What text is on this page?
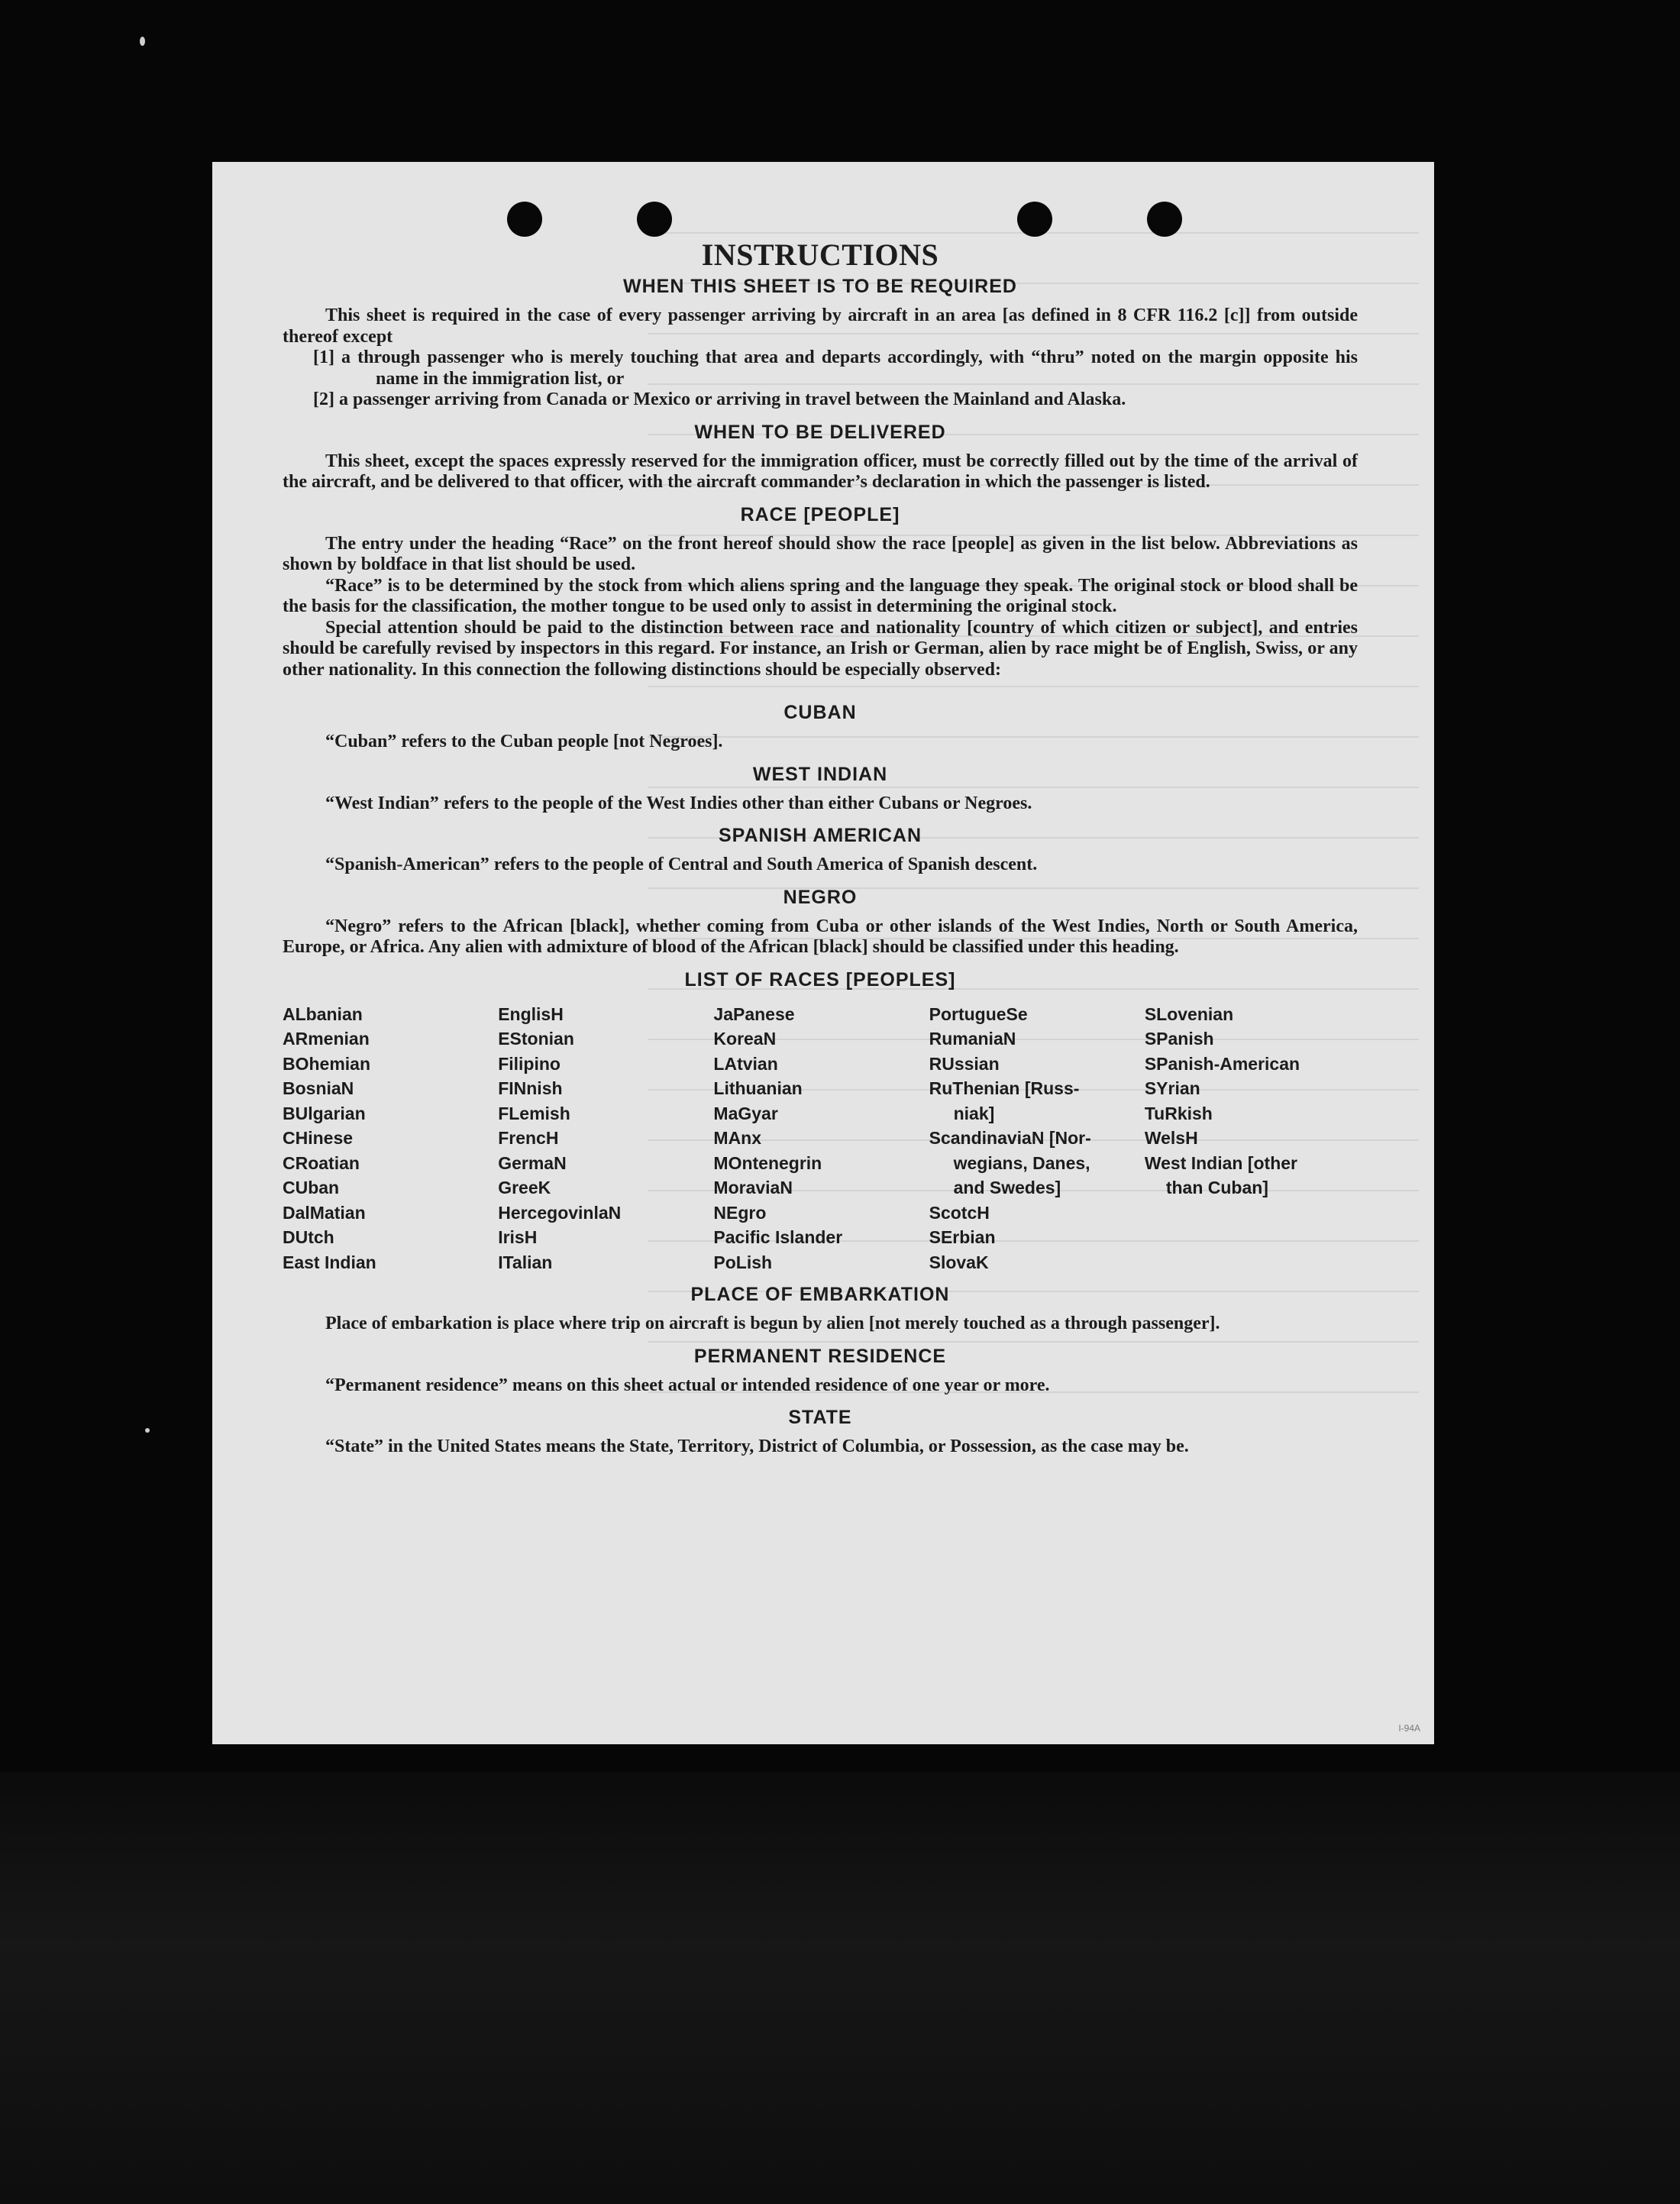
INSTRUCTIONS
WHEN THIS SHEET IS TO BE REQUIRED

This sheet is required in the case of every passenger arriving by aircraft in an area [as defined in 8 CFR 116.2 [c]] from outside thereof except

[1] a through passenger who is merely touching that area and departs accordingly, with “thru” noted on the margin opposite his name in the immigration list, or

[2] a passenger arriving from Canada or Mexico or arriving in travel between the Mainland and Alaska.

WHEN TO BE DELIVERED

This sheet, except the spaces expressly reserved for the immigration officer, must be correctly filled out by the time of the arrival of the aircraft, and be delivered to that officer, with the aircraft commander’s declaration in which the passenger is listed.

RACE [PEOPLE]

The entry under the heading “Race” on the front hereof should show the race [people] as given in the list below. Abbreviations as shown by boldface in that list should be used.

“Race” is to be determined by the stock from which aliens spring and the language they speak. The original stock or blood shall be the basis for the classification, the mother tongue to be used only to assist in determining the original stock.

Special attention should be paid to the distinction between race and nationality [country of which citizen or subject], and entries should be carefully revised by inspectors in this regard. For instance, an Irish or German, alien by race might be of English, Swiss, or any other nationality. In this connection the following distinctions should be especially observed:

CUBAN

“Cuban” refers to the Cuban people [not Negroes].

WEST INDIAN

“West Indian” refers to the people of the West Indies other than either Cubans or Negroes.

SPANISH AMERICAN

“Spanish-American” refers to the people of Central and South America of Spanish descent.

NEGRO

“Negro” refers to the African [black], whether coming from Cuba or other islands of the West Indies, North or South America, Europe, or Africa. Any alien with admixture of blood of the African [black] should be classified under this heading.

LIST OF RACES [PEOPLES]
ALbanian
ARmenian
BOhemian
BosniaN
BUlgarian
CHinese
CRoatian
CUban
DalMatian
DUtch
East Indian
EnglisH
EStonian
Filipino
FINnish
FLemish
FrencH
GermaN
GreeK
HercegovinlaN
IrisH
ITalian
JaPanese
KoreaN
LAtvian
Lithuanian
MaGyar
MAnx
MOntenegrin
MoraviaN
NEgro
Pacific Islander
PoLish
PortugueSe
RumaniaN
RUssian
RuThenian [Russ-
niak]
ScandinaviaN [Nor-
wegians, Danes,
and Swedes]
ScotcH
SErbian
SlovaK
SLovenian
SPanish
SPanish-American
SYrian
TuRkish
WelsH
West Indian [other
than Cuban]
PLACE OF EMBARKATION

Place of embarkation is place where trip on aircraft is begun by alien [not merely touched as a through passenger].

PERMANENT RESIDENCE

“Permanent residence” means on this sheet actual or intended residence of one year or more.

STATE

“State” in the United States means the State, Territory, District of Columbia, or Possession, as the case may be.

I-94A
